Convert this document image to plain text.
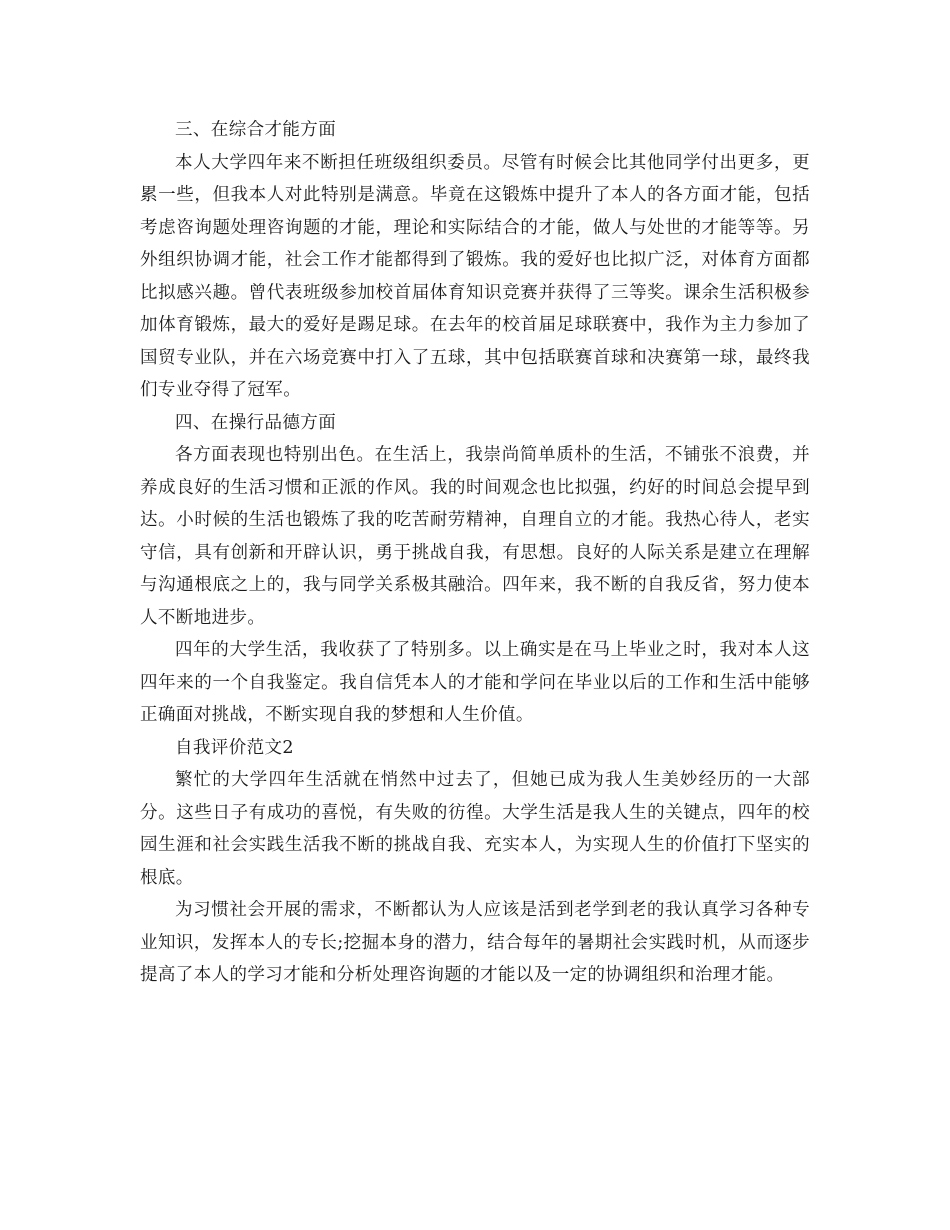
三、在综合才能方面

本人大学四年来不断担任班级组织委员。尽管有时候会比其他同学付出更多，更累一些，但我本人对此特别是满意。毕竟在这锻炼中提升了本人的各方面才能，包括考虑咨询题处理咨询题的才能，理论和实际结合的才能，做人与处世的才能等等。另外组织协调才能，社会工作才能都得到了锻炼。我的爱好也比拟广泛，对体育方面都比拟感兴趣。曾代表班级参加校首届体育知识竞赛并获得了三等奖。课余生活积极参加体育锻炼，最大的爱好是踢足球。在去年的校首届足球联赛中，我作为主力参加了国贸专业队，并在六场竞赛中打入了五球，其中包括联赛首球和决赛第一球，最终我们专业夺得了冠军。

四、在操行品德方面

各方面表现也特别出色。在生活上，我崇尚简单质朴的生活，不铺张不浪费，并养成良好的生活习惯和正派的作风。我的时间观念也比拟强，约好的时间总会提早到达。小时候的生活也锻炼了我的吃苦耐劳精神，自理自立的才能。我热心待人，老实守信，具有创新和开辟认识，勇于挑战自我，有思想。良好的人际关系是建立在理解与沟通根底之上的，我与同学关系极其融洽。四年来，我不断的自我反省，努力使本人不断地进步。

四年的大学生活，我收获了了特别多。以上确实是在马上毕业之时，我对本人这四年来的一个自我鉴定。我自信凭本人的才能和学问在毕业以后的工作和生活中能够正确面对挑战，不断实现自我的梦想和人生价值。

自我评价范文2

繁忙的大学四年生活就在悄然中过去了，但她已成为我人生美妙经历的一大部分。这些日子有成功的喜悦，有失败的彷徨。大学生活是我人生的关键点，四年的校园生涯和社会实践生活我不断的挑战自我、充实本人，为实现人生的价值打下坚实的根底。

为习惯社会开展的需求，不断都认为人应该是活到老学到老的我认真学习各种专业知识，发挥本人的专长;挖掘本身的潜力，结合每年的暑期社会实践时机，从而逐步提高了本人的学习才能和分析处理咨询题的才能以及一定的协调组织和治理才能。
